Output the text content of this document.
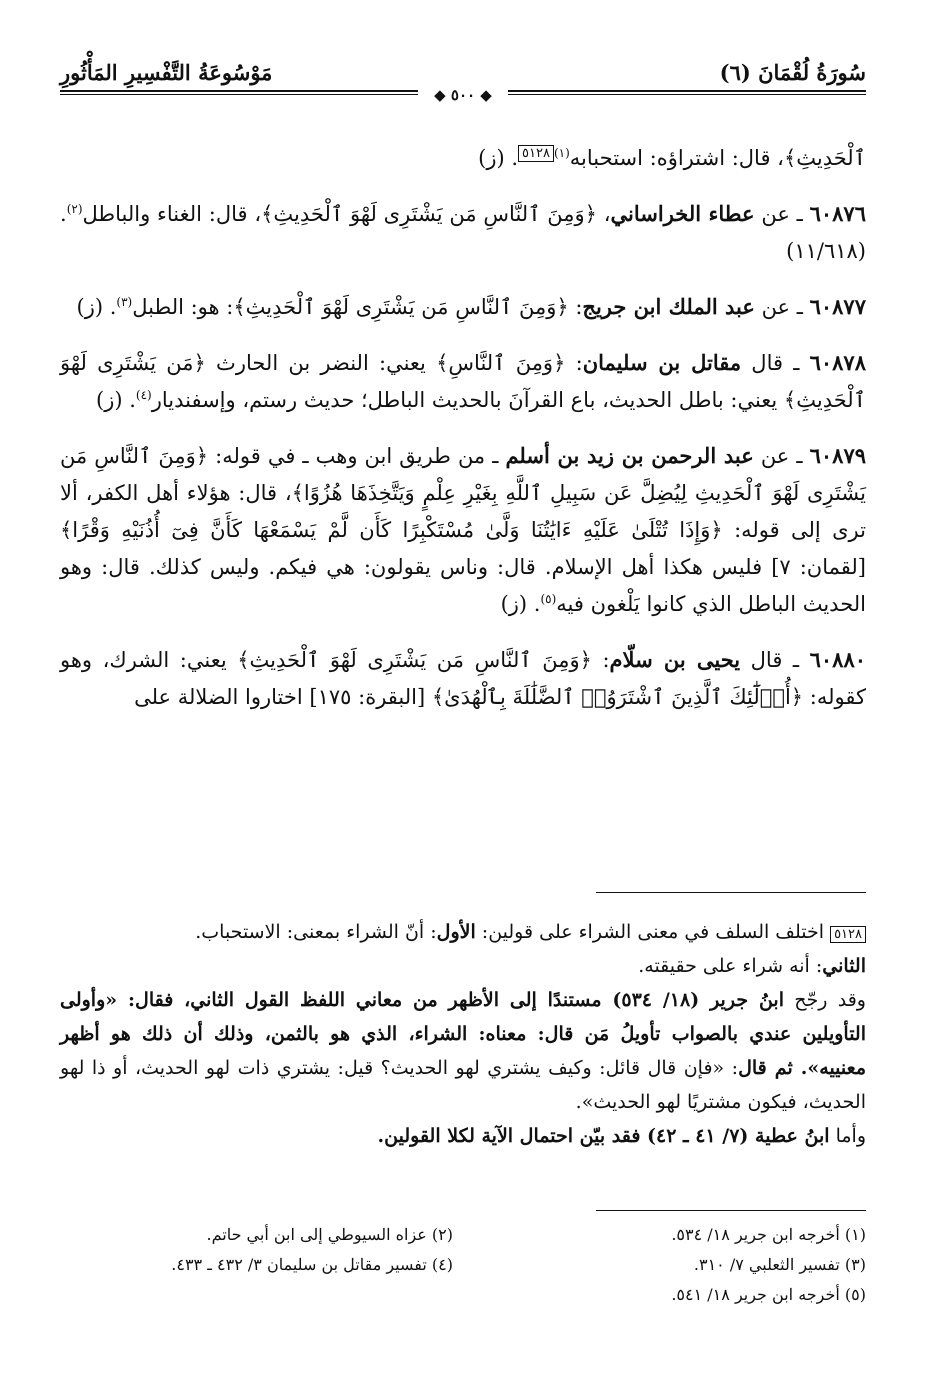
سُورَةُ لُقْمَانَ (٦)
مَوْسُوعَةُ التَّفْسِيرِ المَأْثُورِ
◆ ٥٠٠ ◆

ٱلْحَدِيثِ﴾، قال: اشتراؤه: استحبابه$^{(١)}$٥١٢٨. (ز)

٦٠٨٧٦ ـ عن عطاء الخراساني، ﴿وَمِنَ ٱلنَّاسِ مَن يَشْتَرِى لَهْوَ ٱلْحَدِيثِ﴾، قال: الغناء والباطل$^{(٢)}$. (١١/٦١٨)

٦٠٨٧٧ ـ عن عبد الملك ابن جريج: ﴿وَمِنَ ٱلنَّاسِ مَن يَشْتَرِى لَهْوَ ٱلْحَدِيثِ﴾: هو: الطبل$^{(٣)}$. (ز)

٦٠٨٧٨ ـ قال مقاتل بن سليمان: ﴿وَمِنَ ٱلنَّاسِ﴾ يعني: النضر بن الحارث ﴿مَن يَشْتَرِى لَهْوَ ٱلْحَدِيثِ﴾ يعني: باطل الحديث، باع القرآنَ بالحديث الباطل؛ حديث رستم، وإسفنديار$^{(٤)}$. (ز)

٦٠٨٧٩ ـ عن عبد الرحمن بن زيد بن أسلم ـ من طريق ابن وهب ـ في قوله: ﴿وَمِنَ ٱلنَّاسِ مَن يَشْتَرِى لَهْوَ ٱلْحَدِيثِ لِيُضِلَّ عَن سَبِيلِ ٱللَّهِ بِغَيْرِ عِلْمٍ وَيَتَّخِذَهَا هُزُوًا﴾، قال: هؤلاء أهل الكفر، ألا ترى إلى قوله: ﴿وَإِذَا تُتْلَىٰ عَلَيْهِ ءَايَٰتُنَا وَلَّىٰ مُسْتَكْبِرًا كَأَن لَّمْ يَسْمَعْهَا كَأَنَّ فِىٓ أُذُنَيْهِ وَقْرًا﴾ [لقمان: ٧] فليس هكذا أهل الإسلام. قال: وناس يقولون: هي فيكم. وليس كذلك. قال: وهو الحديث الباطل الذي كانوا يَلْغون فيه$^{(٥)}$. (ز)

٦٠٨٨٠ ـ قال يحيى بن سلّام: ﴿وَمِنَ ٱلنَّاسِ مَن يَشْتَرِى لَهْوَ ٱلْحَدِيثِ﴾ يعني: الشرك، وهو كقوله: ﴿أُو۟لَٰٓئِكَ ٱلَّذِينَ ٱشْتَرَوُا۟ ٱلضَّلَٰلَةَ بِٱلْهُدَىٰ﴾ [البقرة: ١٧٥] اختاروا الضلالة على

٥١٢٨ اختلف السلف في معنى الشراء على قولين: الأول: أنّ الشراء بمعنى: الاستحباب.

الثاني: أنه شراء على حقيقته.

وقد رجّح ابنُ جرير (١٨/ ٥٣٤) مستندًا إلى الأظهر من معاني اللفظ القول الثاني، فقال: «وأولى التأويلين عندي بالصواب تأويلُ مَن قال: معناه: الشراء، الذي هو بالثمن، وذلك أن ذلك هو أظهر معنييه». ثم قال: «فإن قال قائل: وكيف يشتري لهو الحديث؟ قيل: يشتري ذات لهو الحديث، أو ذا لهو الحديث، فيكون مشتريًا لهو الحديث».

وأما ابنُ عطية (٧/ ٤١ ـ ٤٢) فقد بيّن احتمال الآية لكلا القولين.

(١) أخرجه ابن جرير ١٨/ ٥٣٤.
(٢) عزاه السيوطي إلى ابن أبي حاتم.
(٣) تفسير الثعلبي ٧/ ٣١٠.
(٤) تفسير مقاتل بن سليمان ٣/ ٤٣٢ ـ ٤٣٣.
(٥) أخرجه ابن جرير ١٨/ ٥٤١.
